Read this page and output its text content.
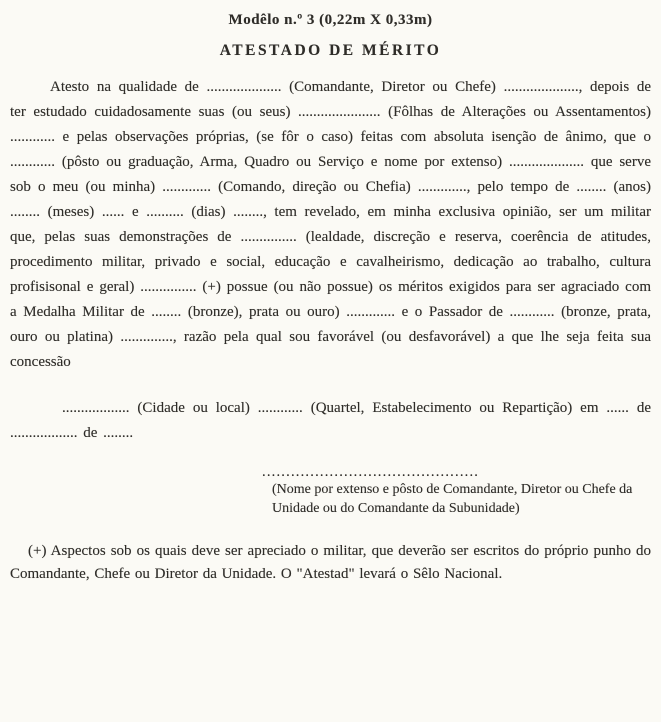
Modêlo n.º 3 (0,22m X 0,33m)
ATESTADO DE MÉRITO
Atesto na qualidade de .................... (Comandante, Diretor ou Chefe) ...................., depois de ter estudado cuidadosamente suas (ou seus) ...................... (Fôlhas de Alterações ou Assentamentos) ............ e pelas observações próprias, (se fôr o caso) feitas com absoluta isenção de ânimo, que o ............ (pôsto ou graduação, Arma, Quadro ou Serviço e nome por extenso) .................... que serve sob o meu (ou minha) ............. (Comando, direção ou Chefia) ............., pelo tempo de ........ (anos) ........ (meses) ...... e .......... (dias) ........, tem revelado, em minha exclusiva opinião, ser um militar que, pelas suas demonstrações de ............... (lealdade, discreção e reserva, coerência de atitudes, procedimento militar, privado e social, educação e cavalheirismo, dedicação ao trabalho, cultura profisisonal e geral) ............... (+) possue (ou não possue) os méritos exigidos para ser agraciado com a Medalha Militar de ........ (bronze), prata ou ouro) ............. e o Passador de ............ (bronze, prata, ouro ou platina) .............., razão pela qual sou favorável (ou desfavorável) a que lhe seja feita sua concessão
.................. (Cidade ou local) ............ (Quartel, Estabelecimento ou Repartição) em ...... de .................. de ........
.............................................
(Nome por extenso e pôsto de Comandante, Diretor ou Chefe da Unidade ou do Comandante da Subunidade)
(+) Aspectos sob os quais deve ser apreciado o militar, que deverão ser escritos do próprio punho do Comandante, Chefe ou Diretor da Unidade. O "Atestad" levará o Sêlo Nacional.
